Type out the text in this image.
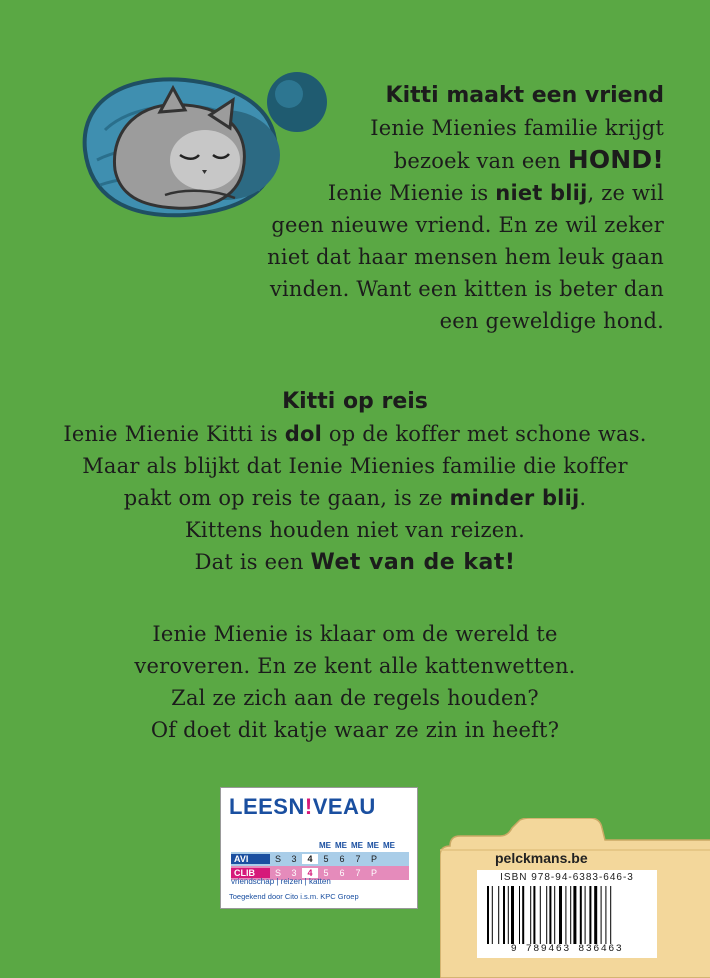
Kitti maakt een vriend
Ienie Mienies familie krijgt
bezoek van een HOND!
Ienie Mienie is niet blij, ze wil
geen nieuwe vriend. En ze wil zeker
niet dat haar mensen hem leuk gaan
vinden. Want een kitten is beter dan
een geweldige hond.
Kitti op reis
Ienie Mienie Kitti is dol op de koffer met schone was.
Maar als blijkt dat Ienie Mienies familie die koffer
pakt om op reis te gaan, is ze minder blij.
Kittens houden niet van reizen.
Dat is een Wet van de kat!
Ienie Mienie is klaar om de wereld te
veroveren. En ze kent alle kattenwetten.
Zal ze zich aan de regels houden?
Of doet dit katje waar ze zin in heeft?
LEESN!VEAU
ME ME ME ME ME
AVI	S	3	4	5	6	7	P
CLIB	S	3	4	5	6	7	P
vriendschap | reizen | katten
Toegekend door Cito i.s.m. KPC Groep
pelckmans.be
ISBN 978-94-6383-646-3
9 789463 836463
